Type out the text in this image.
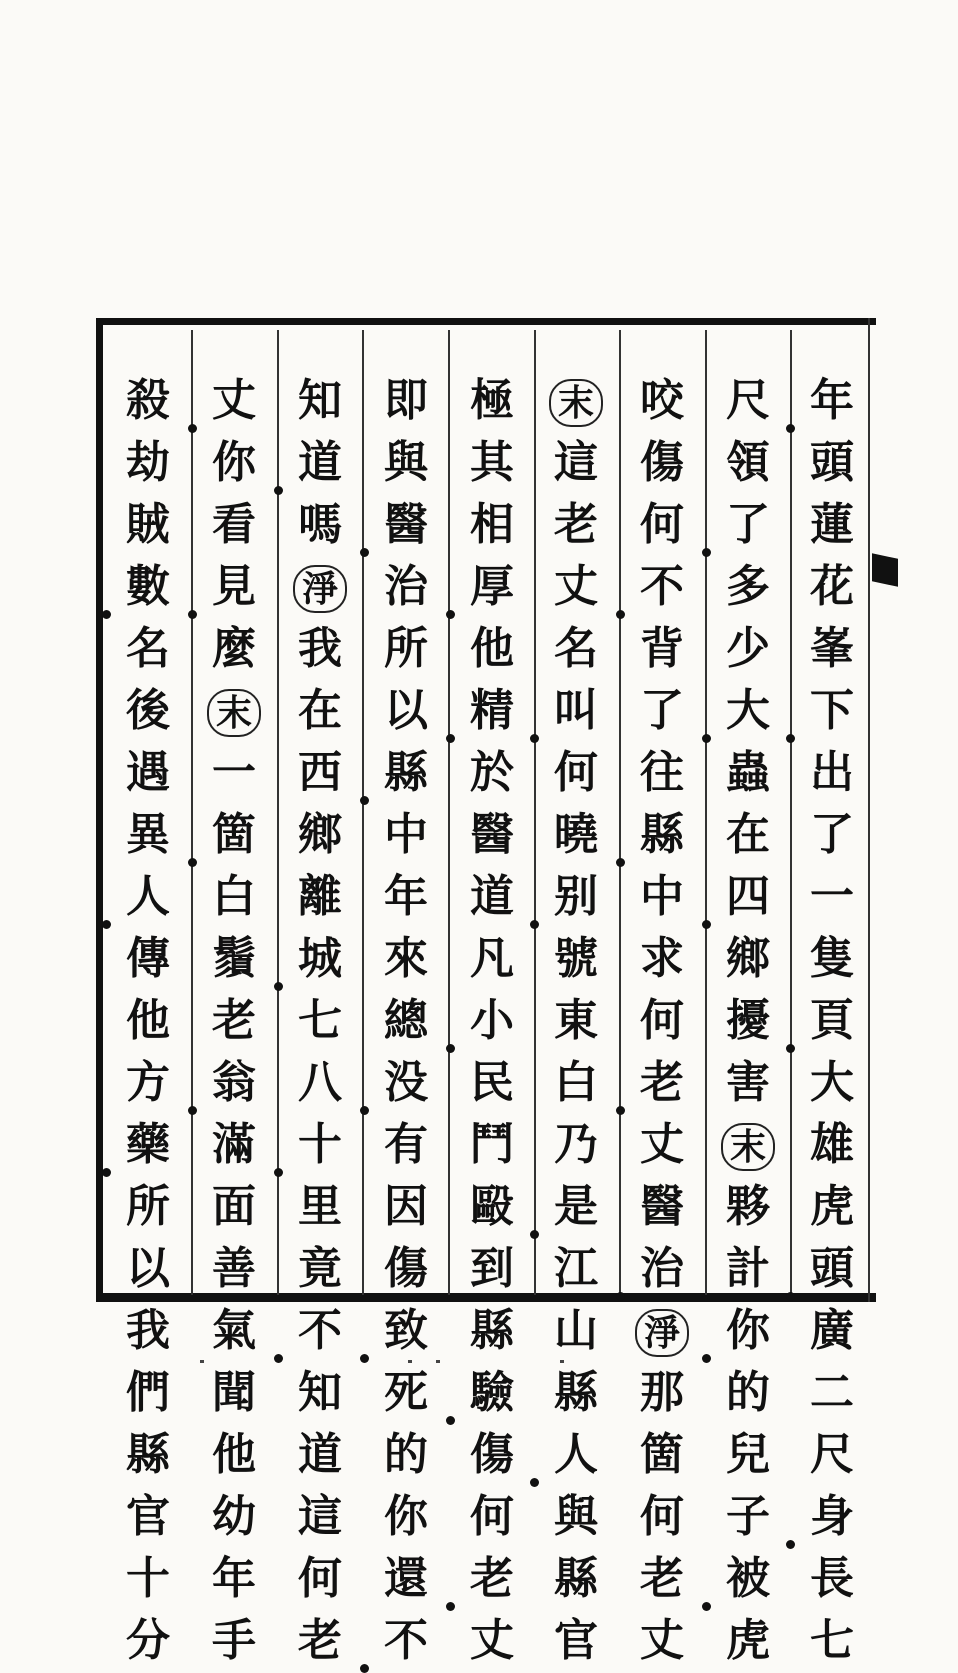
年
頭
蓮
花
峯
下
出
了
一
隻
頁
大
雄
虎
頭
廣
二
尺
身
長
七
尺
領
了
多
少
大
蟲
在
四
鄉
擾
害
末
夥
計
你
的
兒
子
被
虎
咬
傷
何
不
背
了
往
縣
中
求
何
老
丈
醫
治
淨
那
箇
何
老
丈
末
這
老
丈
名
叫
何
曉
别
號
東
白
乃
是
江
山
縣
人
與
縣
官
極
其
相
厚
他
精
於
醫
道
凡
小
民
鬥
毆
到
縣
驗
傷
何
老
丈
即
與
醫
治
所
以
縣
中
年
來
總
没
有
因
傷
致
死
的
你
還
不
知
道
嗎
淨
我
在
西
鄉
離
城
七
八
十
里
竟
不
知
道
這
何
老
丈
你
看
見
麼
末
一
箇
白
鬚
老
翁
滿
面
善
氣
聞
他
幼
年
手
殺
劫
賊
數
名
後
遇
異
人
傳
他
方
藥
所
以
我
們
縣
官
十
分
